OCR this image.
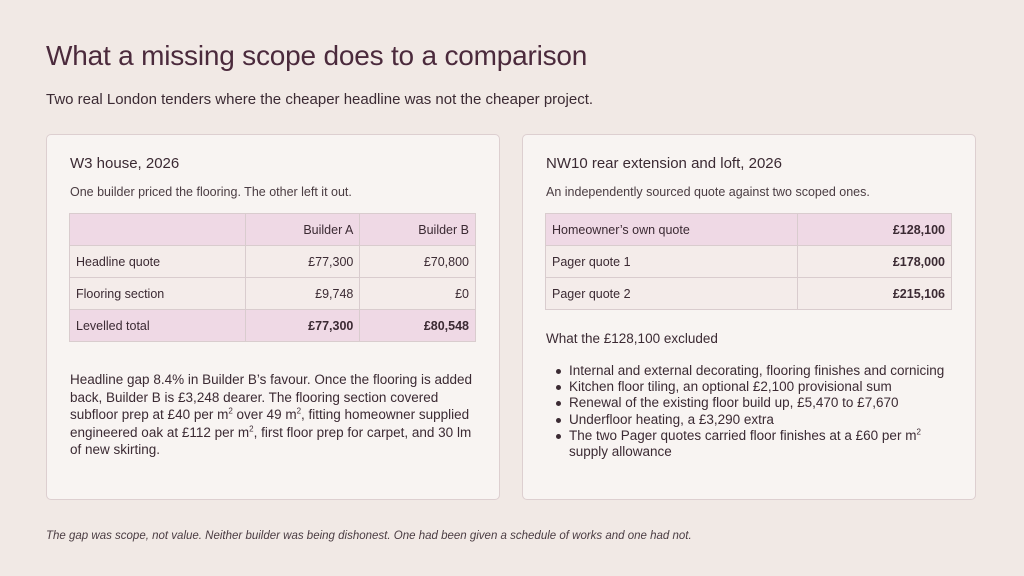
What a missing scope does to a comparison

Two real London tenders where the cheaper headline was not the cheaper project.

W3 house, 2026
One builder priced the flooring. The other left it out.
	Builder A	Builder B
Headline quote	£77,300	£70,800
Flooring section	£9,748	£0
Levelled total	£77,300	£80,548

Headline gap 8.4% in Builder B’s favour. Once the flooring is added back, Builder B is £3,248 dearer. The flooring section covered subfloor prep at £40 per $m^2$ over 49 $m^2$, fitting homeowner supplied engineered oak at £112 per $m^2$, first floor prep for carpet, and 30 lm of new skirting.

NW10 rear extension and loft, 2026
An independently sourced quote against two scoped ones.
Homeowner’s own quote	£128,100
Pager quote 1	£178,000
Pager quote 2	£215,106
What the £128,100 excluded
Internal and external decorating, flooring finishes and cornicing
Kitchen floor tiling, an optional £2,100 provisional sum
Renewal of the existing floor build up, £5,470 to £7,670
Underfloor heating, a £3,290 extra
The two Pager quotes carried floor finishes at a £60 per $m^2$ supply allowance

The gap was scope, not value. Neither builder was being dishonest. One had been given a schedule of works and one had not.
